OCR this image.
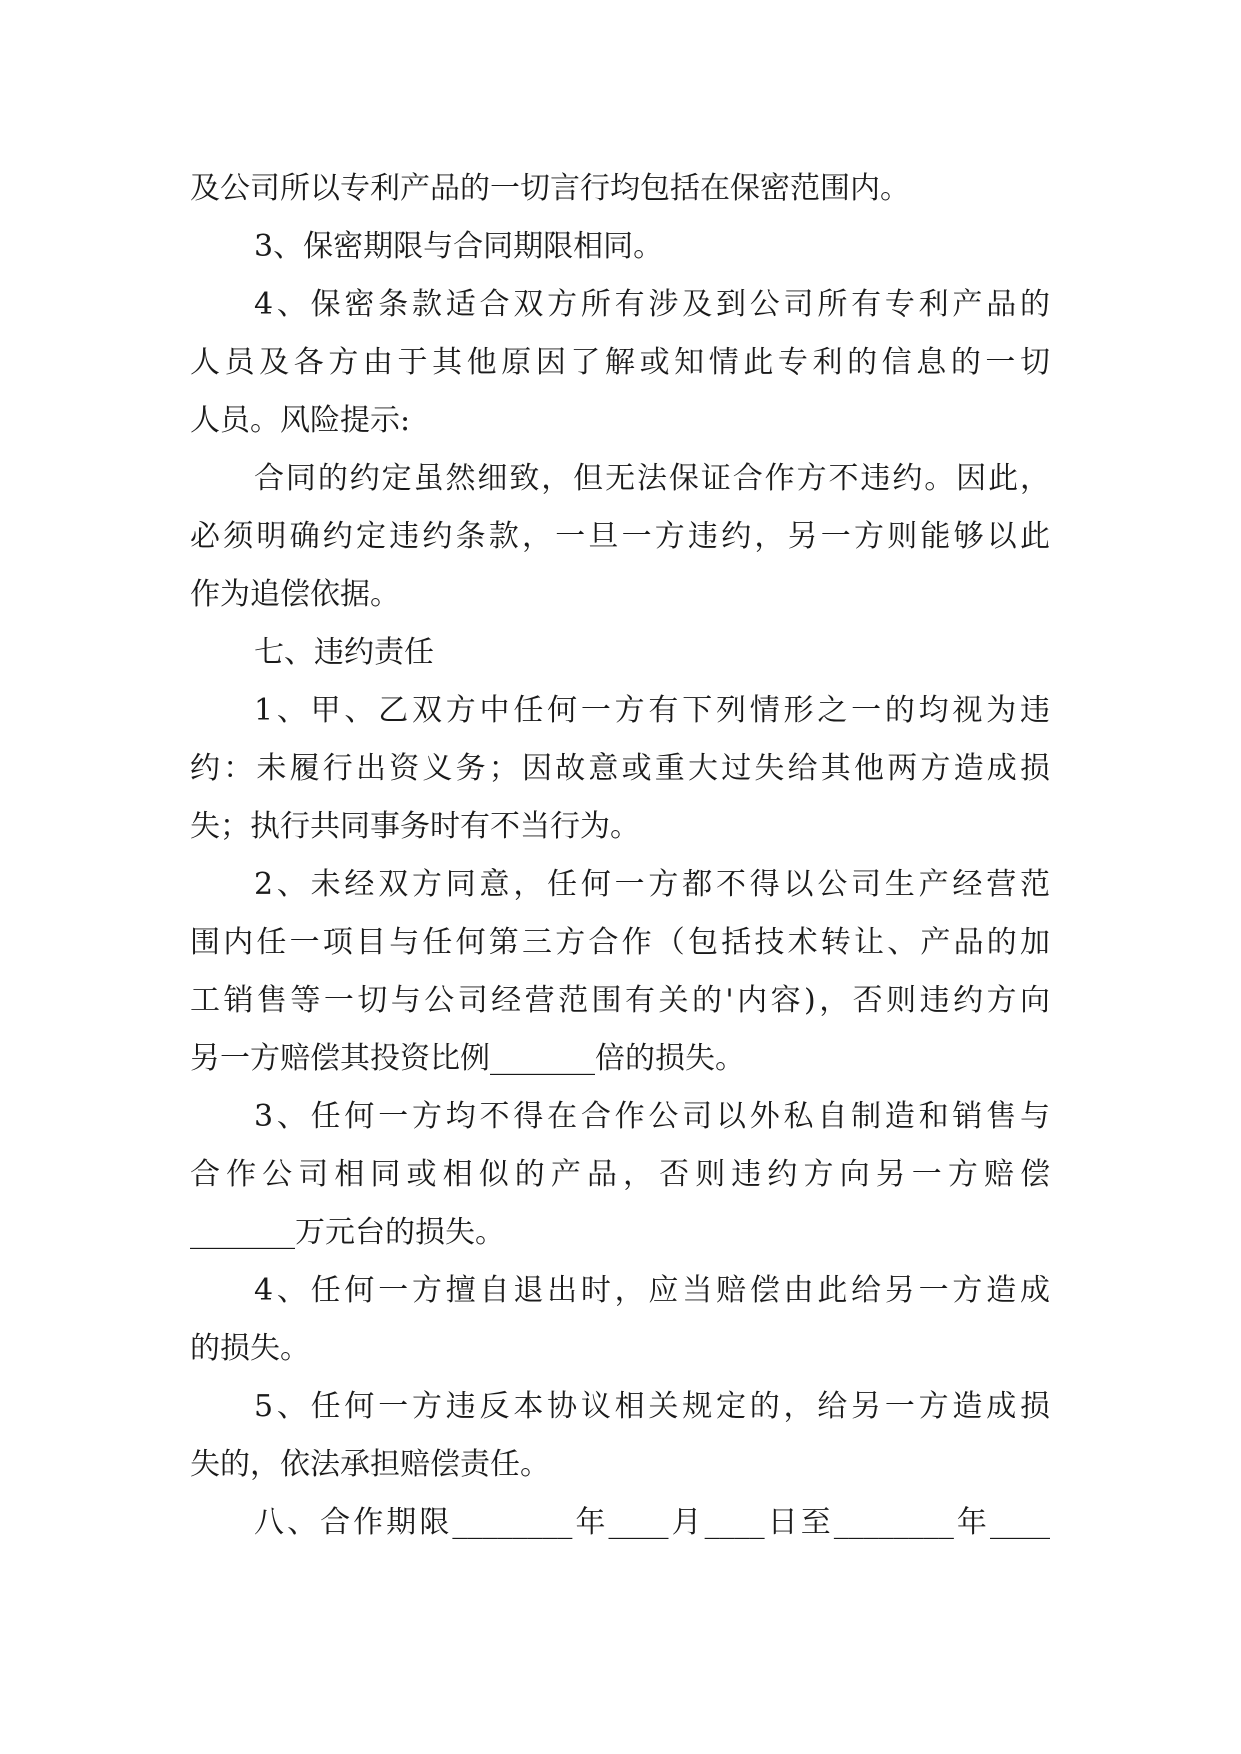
及公司所以专利产品的一切言行均包括在保密范围内。
3、保密期限与合同期限相同。
4、保密条款适合双方所有涉及到公司所有专利产品的
人员及各方由于其他原因了解或知情此专利的信息的一切
人员。风险提示:
合同的约定虽然细致，但无法保证合作方不违约。因此，
必须明确约定违约条款，一旦一方违约，另一方则能够以此
作为追偿依据。
七、违约责任
1、甲、乙双方中任何一方有下列情形之一的均视为违
约：未履行出资义务；因故意或重大过失给其他两方造成损
失；执行共同事务时有不当行为。
2、未经双方同意，任何一方都不得以公司生产经营范
围内任一项目与任何第三方合作（包括技术转让、产品的加
工销售等一切与公司经营范围有关的'内容)，否则违约方向
另一方赔偿其投资比例_______倍的损失。
3、任何一方均不得在合作公司以外私自制造和销售与
合作公司相同或相似的产品，否则违约方向另一方赔偿
_______万元台的损失。
4、任何一方擅自退出时，应当赔偿由此给另一方造成
的损失。
5、任何一方违反本协议相关规定的，给另一方造成损
失的，依法承担赔偿责任。
八、合作期限________年____月____日至________年____
